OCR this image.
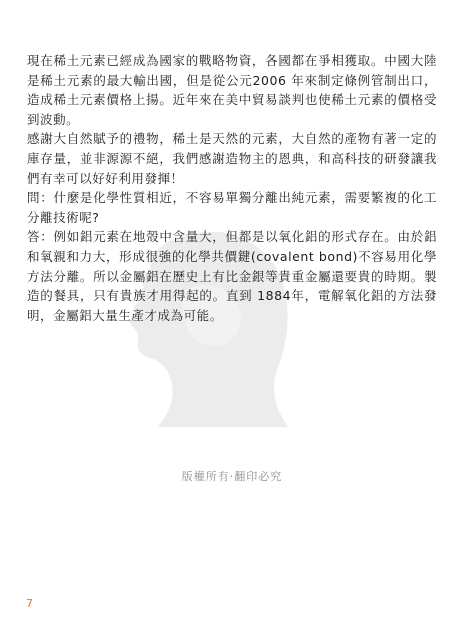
現在稀土元素已經成為國家的戰略物資，各國都在爭相獲取。中國大陸是稀土元素的最大輸出國，但是從公元2006 年來制定條例管制出口，造成稀土元素價格上揚。近年來在美中貿易談判也使稀土元素的價格受到波動。

感謝大自然賦予的禮物，稀土是天然的元素，大自然的產物有著一定的庫存量，並非源源不絕，我們感謝造物主的恩典，和高科技的研發讓我們有幸可以好好利用發揮！

問：什麼是化學性質相近，不容易單獨分離出純元素，需要繁複的化工分離技術呢?

答：例如鋁元素在地殼中含量大，但都是以氧化鋁的形式存在。由於鋁和氧親和力大，形成很強的化學共價鍵(covalent bond)不容易用化學方法分離。所以金屬鋁在歷史上有比金銀等貴重金屬還要貴的時期。製造的餐具，只有貴族才用得起的。直到 1884年，電解氧化鋁的方法發明，金屬鋁大量生產才成為可能。

版權所有‧翻印必究
7
